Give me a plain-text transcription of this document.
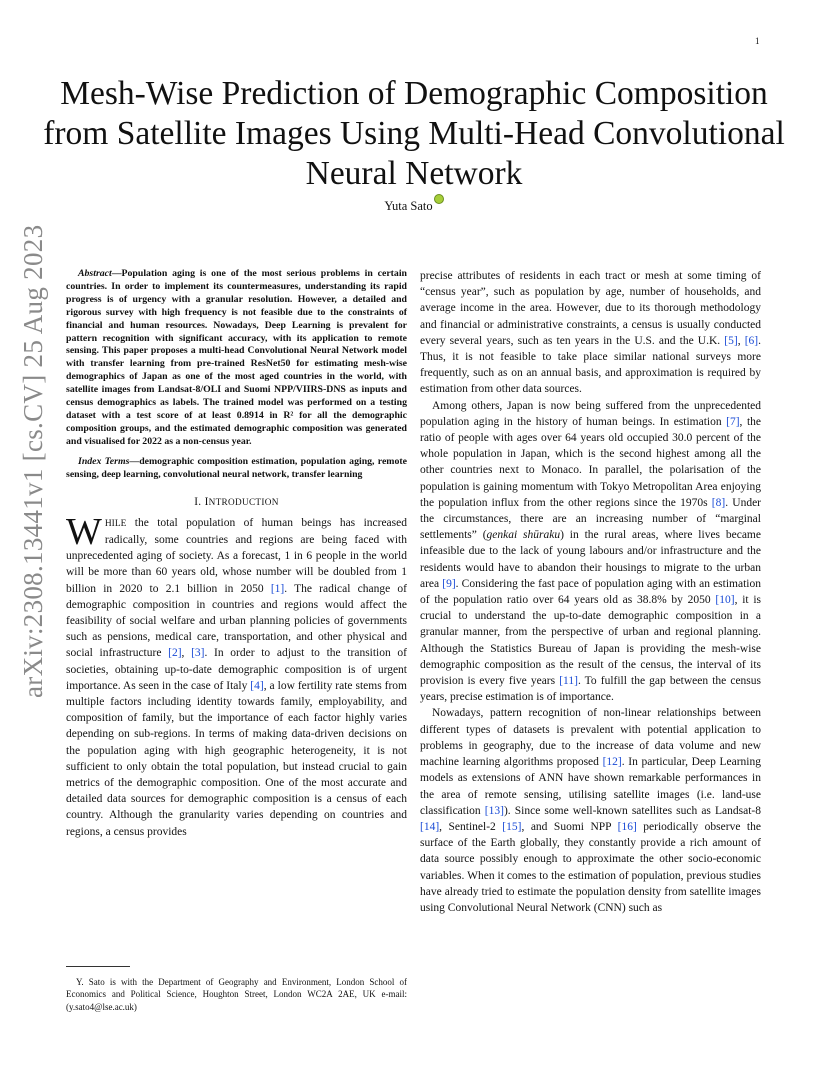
1
arXiv:2308.13441v1 [cs.CV] 25 Aug 2023
Mesh-Wise Prediction of Demographic Composition from Satellite Images Using Multi-Head Convolutional Neural Network
Yuta Sato

Abstract—Population aging is one of the most serious problems in certain countries. In order to implement its countermeasures, understanding its rapid progress is of urgency with a granular resolution. However, a detailed and rigorous survey with high frequency is not feasible due to the constraints of financial and human resources. Nowadays, Deep Learning is prevalent for pattern recognition with significant accuracy, with its application to remote sensing. This paper proposes a multi-head Convolutional Neural Network model with transfer learning from pre-trained ResNet50 for estimating mesh-wise demographics of Japan as one of the most aged countries in the world, with satellite images from Landsat-8/OLI and Suomi NPP/VIIRS-DNS as inputs and census demographics as labels. The trained model was performed on a testing dataset with a test score of at least 0.8914 in R² for all the demographic composition groups, and the estimated demographic composition was generated and visualised for 2022 as a non-census year.

Index Terms—demographic composition estimation, population aging, remote sensing, deep learning, convolutional neural network, transfer learning

I. INTRODUCTION

WHILE the total population of human beings has increased radically, some countries and regions are being faced with unprecedented aging of society. As a forecast, 1 in 6 people in the world will be more than 60 years old, whose number will be doubled from 1 billion in 2020 to 2.1 billion in 2050 [1]. The radical change of demographic composition in countries and regions would affect the feasibility of social welfare and urban planning policies of governments such as pensions, medical care, transportation, and other physical and social infrastructure [2], [3]. In order to adjust to the transition of societies, obtaining up-to-date demographic composition is of urgent importance. As seen in the case of Italy [4], a low fertility rate stems from multiple factors including identity towards family, employability, and composition of family, but the importance of each factor highly varies depending on sub-regions. In terms of making data-driven decisions on the population aging with high geographic heterogeneity, it is not sufficient to only obtain the total population, but instead crucial to gain metrics of the demographic composition. One of the most accurate and detailed data sources for demographic composition is a census of each country. Although the granularity varies depending on countries and regions, a census provides

precise attributes of residents in each tract or mesh at some timing of “census year”, such as population by age, number of households, and average income in the area. However, due to its thorough methodology and financial or administrative constraints, a census is usually conducted every several years, such as ten years in the U.S. and the U.K. [5], [6]. Thus, it is not feasible to take place similar national surveys more frequently, such as on an annual basis, and approximation is required by estimation from other data sources.

Among others, Japan is now being suffered from the unprecedented population aging in the history of human beings. In estimation [7], the ratio of people with ages over 64 years old occupied 30.0 percent of the whole population in Japan, which is the second highest among all the other countries next to Monaco. In parallel, the polarisation of the population is gaining momentum with Tokyo Metropolitan Area enjoying the population influx from the other regions since the 1970s [8]. Under the circumstances, there are an increasing number of “marginal settlements” (genkai shūraku) in the rural areas, where lives became infeasible due to the lack of young labours and/or infrastructure and the residents would have to abandon their housings to migrate to the urban area [9]. Considering the fast pace of population aging with an estimation of the population ratio over 64 years old as 38.8% by 2050 [10], it is crucial to understand the up-to-date demographic composition in a granular manner, from the perspective of urban and regional planning. Although the Statistics Bureau of Japan is providing the mesh-wise demographic composition as the result of the census, the interval of its provision is every five years [11]. To fulfill the gap between the census years, precise estimation is of importance.

Nowadays, pattern recognition of non-linear relationships between different types of datasets is prevalent with potential application to problems in geography, due to the increase of data volume and new machine learning algorithms proposed [12]. In particular, Deep Learning models as extensions of ANN have shown remarkable performances in the area of remote sensing, utilising satellite images (i.e. land-use classification [13]). Since some well-known satellites such as Landsat-8 [14], Sentinel-2 [15], and Suomi NPP [16] periodically observe the surface of the Earth globally, they constantly provide a rich amount of data source possibly enough to approximate the other socio-economic variables. When it comes to the estimation of population, previous studies have already tried to estimate the population density from satellite images using Convolutional Neural Network (CNN) such as

Y. Sato is with the Department of Geography and Environment, London School of Economics and Political Science, Houghton Street, London WC2A 2AE, UK e-mail: (y.sato4@lse.ac.uk)
